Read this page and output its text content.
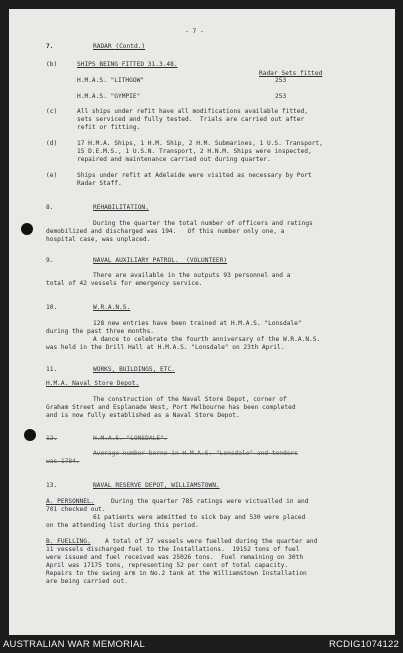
- 7 -
7.	RADAR (Contd.)
(b)	SHIPS BEING FITTED 31.3.48.
Radar Sets fitted
H.M.A.S. "LITHGOW"	253
H.M.A.S. "GYMPIE"	253
(c)	All ships under refit have all modifications available fitted,
sets serviced and fully tested.  Trials are carried out after
refit or fitting.
(d)	17 H.M.A. Ships, 1 H.M. Ship, 2 H.M. Submarines, 1 U.S. Transport,
15 D.E.M.S., 1 U.S.N. Transport, 2 H.N.M. Ships were inspected,
repaired and maintenance carried out during quarter.
(e)	Ships under refit at Adelaide were visited as necessary by Port
Radar Staff.
8.	REHABILITATION.
During the quarter the total number of officers and ratings
demobilized and discharged was 194.   Of this number only one, a
hospital case, was unplaced.
9.	NAVAL AUXILIARY PATROL.  (VOLUNTEER)
There are available in the outputs 93 personnel and a
total of 42 vessels for emergency service.
10.	W.R.A.N.S.
128 new entries have been trained at H.M.A.S. "Lonsdale"
during the past three months.
A dance to celebrate the fourth anniversary of the W.R.A.N.S.
was held in the Drill Hall at H.M.A.S. "Lonsdale" on 23th April.
11.	WORKS, BUILDINGS, ETC.
H.M.A. Naval Store Depot.
The construction of the Naval Store Depot, corner of
Graham Street and Esplanade West, Port Melbourne has been completed
and is now fully established as a Naval Store Depot.
12.	H.M.A.S. "LONSDALE".
Average number borne in H.M.A.S. "Lonsdale" and tenders
was 1784.
13.	NAVAL RESERVE DEPOT, WILLIAMSTOWN.
A. PERSONNEL.	During the quarter 785 ratings were victualled in and
701 checked out.
61 patients were admitted to sick bay and 530 were placed
on the attending list during this period.
B. FUELLING. A total of 37 vessels were fuelled during the quarter and
11 vessels discharged fuel to the Installations.  19152 tons of fuel
were issued and fuel received was 25026 tons.  Fuel remaining on 30th
April was 17175 tons, representing 52 per cent of total capacity.
Repairs to the swing arm in No.2 tank at the Williamstown Installation
are being carried out.
AUSTRALIAN WAR MEMORIAL	RCDIG1074122
